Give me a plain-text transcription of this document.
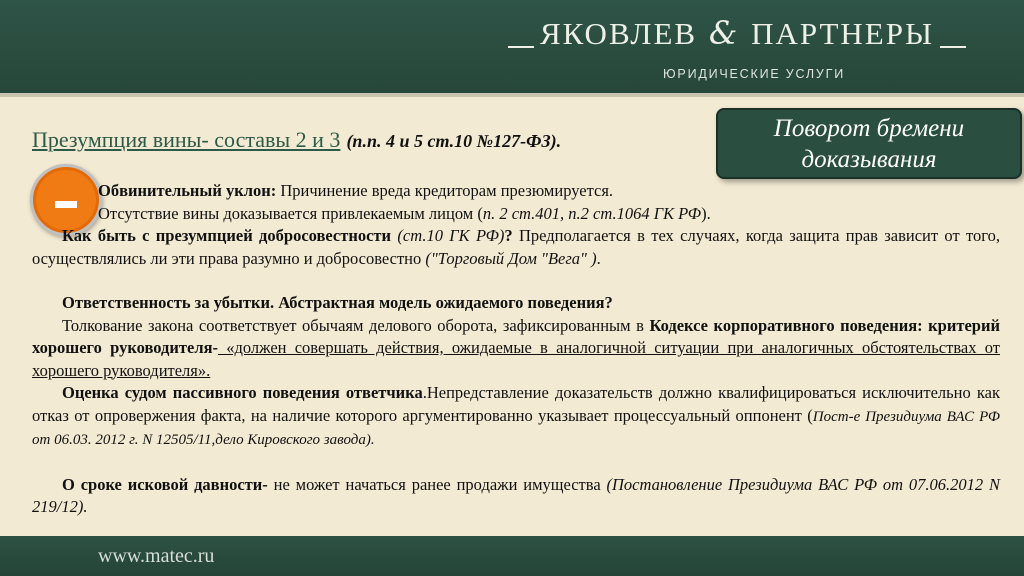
ЯКОВЛЕВ & ПАРТНЕРЫ
ЮРИДИЧЕСКИЕ УСЛУГИ
Поворот бремени
доказывания
Презумпция вины- составы 2 и 3 (п.п. 4 и 5 ст.10 №127-ФЗ).

Обвинительный уклон: Причинение вреда кредиторам презюмируется.

Отсутствие вины доказывается привлекаемым лицом (п. 2 ст.401, п.2 ст.1064 ГК РФ).

Как быть с презумпцией добросовестности (ст.10 ГК РФ)? Предполагается в тех случаях, когда защита прав зависит от того, осуществлялись ли эти права разумно и добросовестно ("Торговый Дом "Вега" ).

Ответственность за убытки. Абстрактная модель ожидаемого поведения?

Толкование закона соответствует обычаям делового оборота, зафиксированным в Кодексе корпоративного поведения: критерий хорошего руководителя- «должен совершать действия, ожидаемые в аналогичной ситуации при аналогичных обстоятельствах от хорошего руководителя».

Оценка судом пассивного поведения ответчика.Непредставление доказательств должно квалифицироваться исключительно как отказ от опровержения факта, на наличие которого аргументированно указывает процессуальный оппонент (Пост-е Президиума ВАС РФ от 06.03. 2012 г. N 12505/11,дело Кировского завода).

О сроке исковой давности- не может начаться ранее продажи имущества (Постановление Президиума ВАС РФ от 07.06.2012 N 219/12).

www.matec.ru
